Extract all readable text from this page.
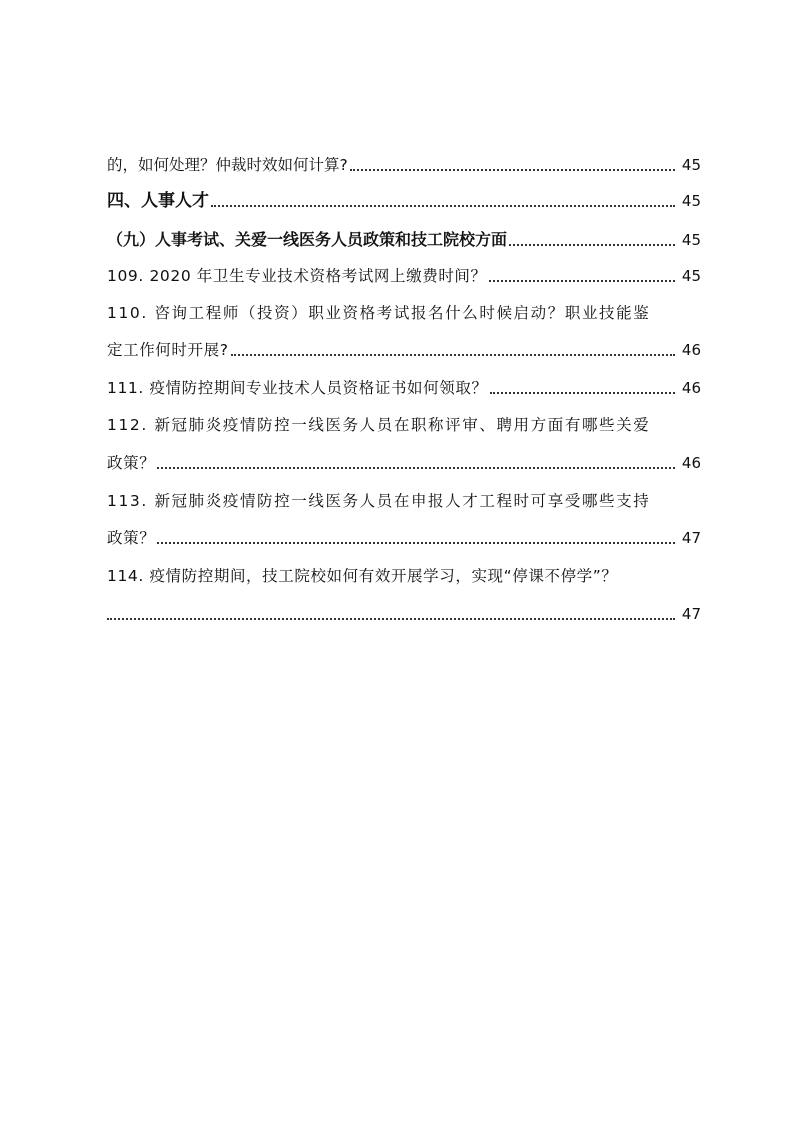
的，如何处理？仲裁时效如何计算?	45
四、人事人才	45
（九）人事考试、关爱一线医务人员政策和技工院校方面	45
109. 2020 年卫生专业技术资格考试网上缴费时间？	45
110. 咨询工程师（投资）职业资格考试报名什么时候启动？职业技能鉴
定工作何时开展?	46
111. 疫情防控期间专业技术人员资格证书如何领取？	46
112. 新冠肺炎疫情防控一线医务人员在职称评审、聘用方面有哪些关爱
政策？	46
113. 新冠肺炎疫情防控一线医务人员在申报人才工程时可享受哪些支持
政策？	47
114. 疫情防控期间，技工院校如何有效开展学习，实现“停课不停学”？
47
